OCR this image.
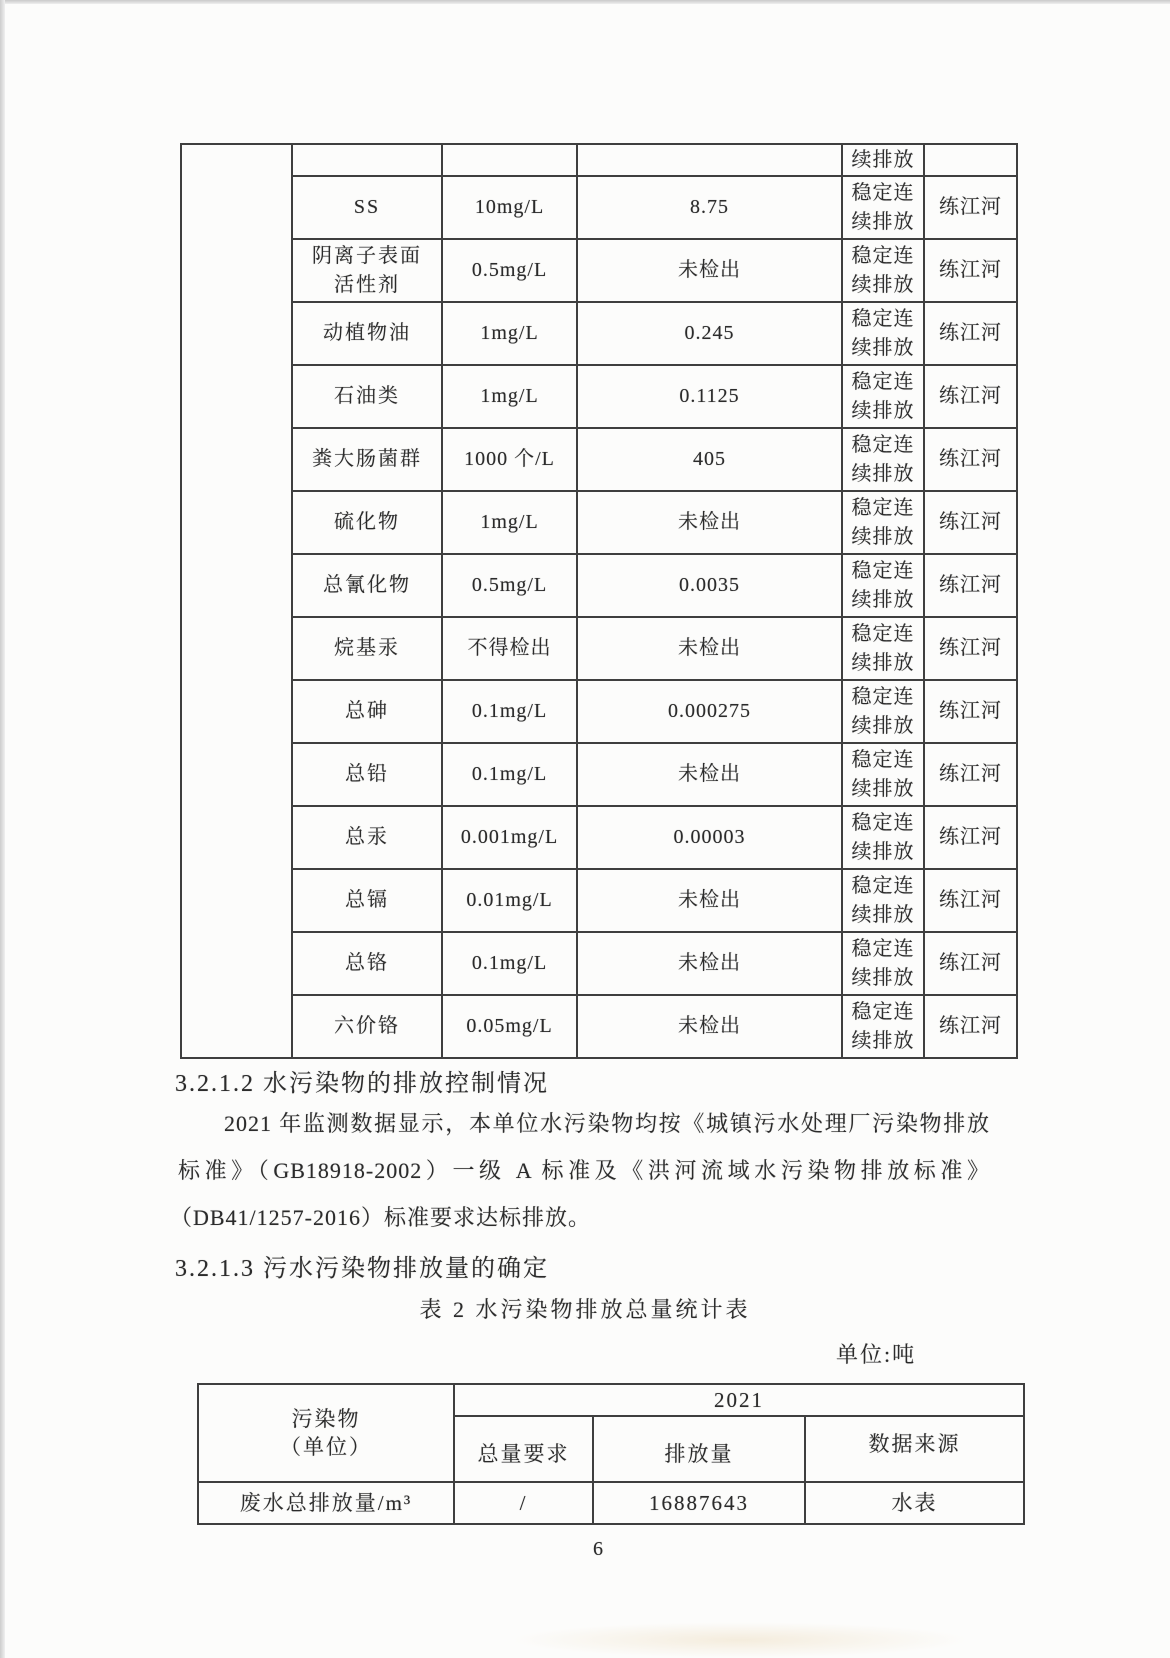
				续排放	
	SS	10mg/L	8.75	稳定连续排放	练江河
	阴离子表面活性剂	0.5mg/L	未检出	稳定连续排放	练江河
	动植物油	1mg/L	0.245	稳定连续排放	练江河
	石油类	1mg/L	0.1125	稳定连续排放	练江河
	粪大肠菌群	1000 个/L	405	稳定连续排放	练江河
	硫化物	1mg/L	未检出	稳定连续排放	练江河
	总氰化物	0.5mg/L	0.0035	稳定连续排放	练江河
	烷基汞	不得检出	未检出	稳定连续排放	练江河
	总砷	0.1mg/L	0.000275	稳定连续排放	练江河
	总铅	0.1mg/L	未检出	稳定连续排放	练江河
	总汞	0.001mg/L	0.00003	稳定连续排放	练江河
	总镉	0.01mg/L	未检出	稳定连续排放	练江河
	总铬	0.1mg/L	未检出	稳定连续排放	练江河
	六价铬	0.05mg/L	未检出	稳定连续排放	练江河
3.2.1.2 水污染物的排放控制情况
2021 年监测数据显示，本单位水污染物均按《城镇污水处理厂污染物排放
标准》（GB18918-2002）一级 A 标准及《洪河流域水污染物排放标准》
（DB41/1257-2016）标准要求达标排放。
3.2.1.3 污水污染物排放量的确定
表 2 水污染物排放总量统计表
单位:吨
污染物
（单位）	2021		
	总量要求	排放量	数据来源
废水总排放量/m³	/	16887643	水表
6
